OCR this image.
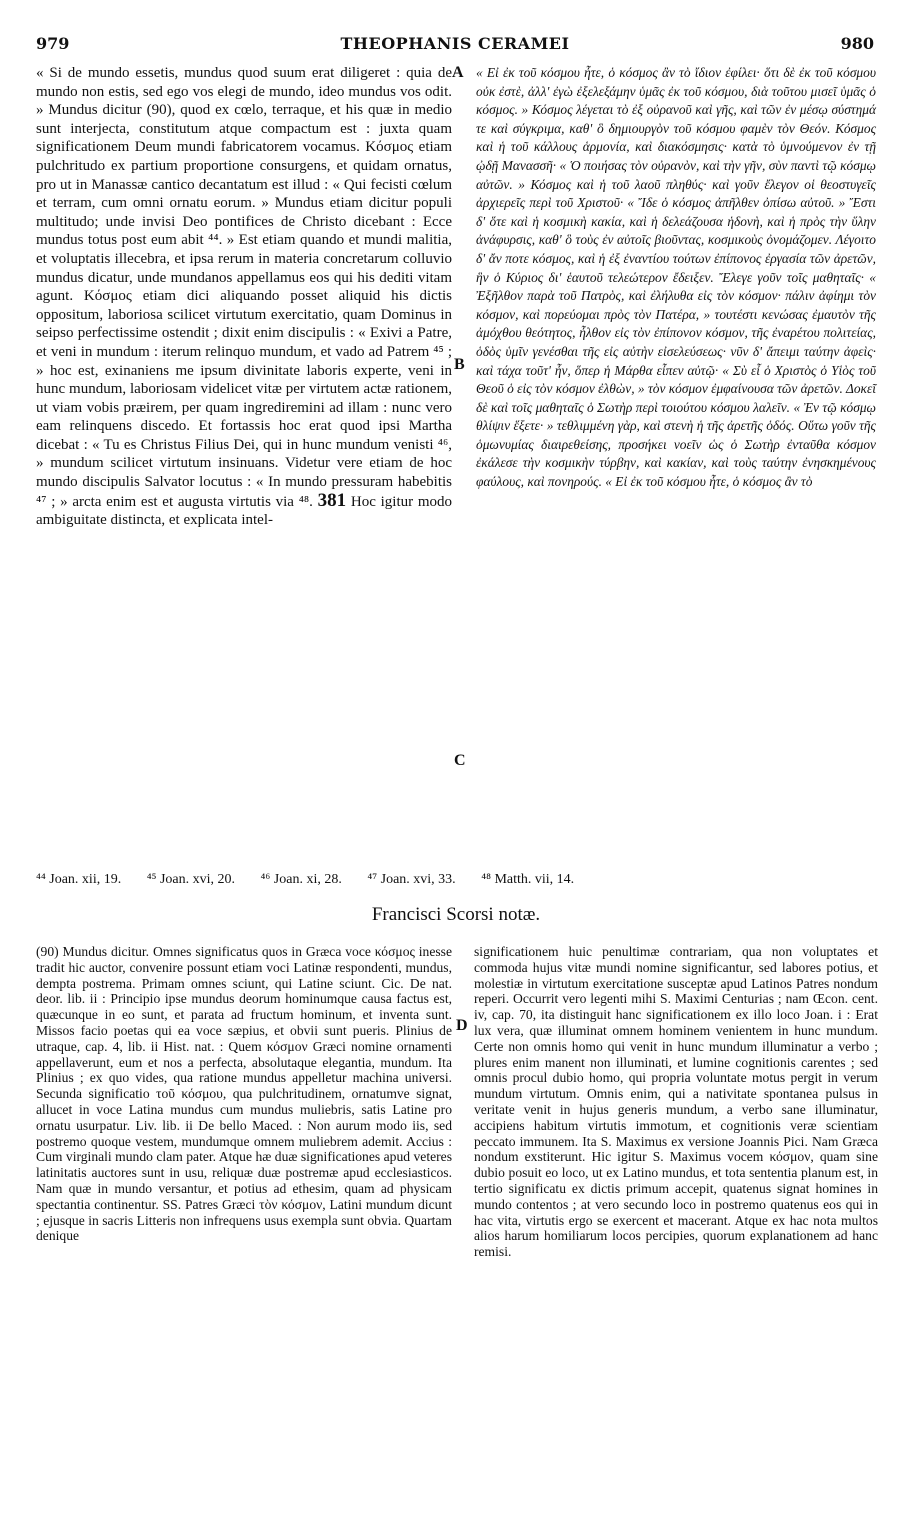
979	THEOPHANIS CERAMEI	980

« Si de mundo essetis, mundus quod suum erat diligeret : quia de mundo non estis, sed ego vos elegi de mundo, ideo mundus vos odit. » Mundus dicitur (90), quod ex cœlo, terraque, et his quæ in medio sunt interjecta, constitutum atque compactum est : juxta quam significationem Deum mundi fabricatorem vocamus. Κόσμος etiam pulchritudo ex partium proportione consurgens, et quidam ornatus, pro ut in Manassæ cantico decantatum est illud : « Qui fecisti cœlum et terram, cum omni ornatu eorum. » Mundus etiam dicitur populi multitudo; unde invisi Deo pontifices de Christo dicebant : Ecce mundus totus post eum abit ⁴⁴. » Est etiam quando et mundi malitia, et voluptatis illecebra, et ipsa rerum in materia concretarum colluvio mundus dicatur, unde mundanos appellamus eos qui his dediti vitam agunt. Κόσμος etiam dici aliquando posset aliquid his dictis oppositum, laboriosa scilicet virtutum exercitatio, quam Dominus in seipso perfectissime ostendit ; dixit enim discipulis : « Exivi a Patre, et veni in mundum : iterum relinquo mundum, et vado ad Patrem ⁴⁵ ; » hoc est, exinaniens me ipsum divinitate laboris experte, veni in hunc mundum, laboriosam videlicet vitæ per virtutem actæ rationem, ut viam vobis præirem, per quam ingrediremini ad illam : nunc vero eam relinquens discedo. Et fortassis hoc erat quod ipsi Martha dicebat : « Tu es Christus Filius Dei, qui in hunc mundum venisti ⁴⁶, » mundum scilicet virtutum insinuans. Videtur vere etiam de hoc mundo discipulis Salvator locutus : « In mundo pressuram habebitis ⁴⁷ ; » arcta enim est et augusta virtutis via ⁴⁸. 381 Hoc igitur modo ambiguitate distincta, et explicata intel-

« Εἰ ἐκ τοῦ κόσμου ἦτε, ὁ κόσμος ἂν τὸ ἴδιον ἐφίλει· ὅτι δὲ ἐκ τοῦ κόσμου οὐκ ἐστὲ, ἀλλ' ἐγὼ ἐξελεξάμην ὑμᾶς ἐκ τοῦ κόσμου, διὰ τοῦτου μισεῖ ὑμᾶς ὁ κόσμος. » Κόσμος λέγεται τὸ ἐξ οὐρανοῦ καὶ γῆς, καὶ τῶν ἐν μέσῳ σύστημά τε καὶ σύγκριμα, καθ' ὃ δημιουργὸν τοῦ κόσμου φαμὲν τὸν Θεόν. Κόσμος καὶ ἡ τοῦ κάλλους ἁρμονία, καὶ διακόσμησις· κατὰ τὸ ὑμνούμενον ἐν τῇ ᾠδῇ Μανασσῆ· « Ὁ ποιήσας τὸν οὐρανὸν, καὶ τὴν γῆν, σὺν παντὶ τῷ κόσμῳ αὐτῶν. » Κόσμος καὶ ἡ τοῦ λαοῦ πληθύς· καὶ γοῦν ἔλεγον οἱ θεοστυγεῖς ἀρχιερεῖς περὶ τοῦ Χριστοῦ· « Ἴδε ὁ κόσμος ἀπῆλθεν ὀπίσω αὐτοῦ. » Ἔστι δ' ὅτε καὶ ἡ κοσμικὴ κακία, καὶ ἡ δελεάζουσα ἡδονὴ, καὶ ἡ πρὸς τὴν ὕλην ἀνάφυρσις, καθ' ὃ τοὺς ἐν αὐτοῖς βιοῦντας, κοσμικοὺς ὀνομάζομεν. Λέγοιτο δ' ἄν ποτε κόσμος, καὶ ἡ ἐξ ἐναντίου τούτων ἐπίπονος ἐργασία τῶν ἀρετῶν, ἣν ὁ Κύριος δι' ἑαυτοῦ τελεώτερον ἔδειξεν. Ἔλεγε γοῦν τοῖς μαθηταῖς· « Ἐξῆλθον παρὰ τοῦ Πατρὸς, καὶ ἐλήλυθα εἰς τὸν κόσμον· πάλιν ἀφίημι τὸν κόσμον, καὶ πορεύομαι πρὸς τὸν Πατέρα, » τουτέστι κενώσας ἐμαυτὸν τῆς ἀμόχθου θεότητος, ἦλθον εἰς τὸν ἐπίπονον κόσμον, τῆς ἐναρέτου πολιτείας, ὁδὸς ὑμῖν γενέσθαι τῆς εἰς αὐτὴν εἰσελεύσεως· νῦν δ' ἄπειμι ταύτην ἀφεὶς· καὶ τάχα τοῦτ' ἦν, ὅπερ ἡ Μάρθα εἶπεν αὐτῷ· « Σὺ εἶ ὁ Χριστὸς ὁ Υἱὸς τοῦ Θεοῦ ὁ εἰς τὸν κόσμον ἐλθὼν, » τὸν κόσμον ἐμφαίνουσα τῶν ἀρετῶν. Δοκεῖ δὲ καὶ τοῖς μαθηταῖς ὁ Σωτὴρ περὶ τοιούτου κόσμου λαλεῖν. « Ἐν τῷ κόσμῳ θλίψιν ἕξετε· » τεθλιμμένη γὰρ, καὶ στενὴ ἡ τῆς ἀρετῆς ὁδός. Οὕτω γοῦν τῆς ὁμωνυμίας διαιρεθείσης, προσήκει νοεῖν ὡς ὁ Σωτὴρ ἐνταῦθα κόσμον ἐκάλεσε τὴν κοσμικὴν τύρβην, καὶ κακίαν, καὶ τοὺς ταύτην ἐνησκημένους φαύλους, καὶ πονηρούς. « Εἰ ἐκ τοῦ κόσμου ἦτε, ὁ κόσμος ἂν τὸ

A
B
C
D
⁴⁴ Joan. xii, 19. ⁴⁵ Joan. xvi, 20. ⁴⁶ Joan. xi, 28. ⁴⁷ Joan. xvi, 33. ⁴⁸ Matth. vii, 14.
Francisci Scorsi notæ.

(90) Mundus dicitur. Omnes significatus quos in Græca voce κόσμος inesse tradit hic auctor, convenire possunt etiam voci Latinæ respondenti, mundus, dempta postrema. Primam omnes sciunt, qui Latine sciunt. Cic. De nat. deor. lib. ii : Principio ipse mundus deorum hominumque causa factus est, quæcunque in eo sunt, et parata ad fructum hominum, et inventa sunt. Missos facio poetas qui ea voce sæpius, et obvii sunt pueris. Plinius de utraque, cap. 4, lib. ii Hist. nat. : Quem κόσμον Græci nomine ornamenti appellaverunt, eum et nos a perfecta, absolutaque elegantia, mundum. Ita Plinius ; ex quo vides, qua ratione mundus appelletur machina universi. Secunda significatio τοῦ κόσμου, qua pulchritudinem, ornatumve signat, allucet in voce Latina mundus cum mundus muliebris, satis Latine pro ornatu usurpatur. Liv. lib. ii De bello Maced. : Non aurum modo iis, sed postremo quoque vestem, mundumque omnem muliebrem ademit. Accius : Cum virginali mundo clam pater. Atque hæ duæ significationes apud veteres latinitatis auctores sunt in usu, reliquæ duæ postremæ apud ecclesiasticos. Nam quæ in mundo versantur, et potius ad ethesim, quam ad physicam spectantia continentur. SS. Patres Græci τὸν κόσμον, Latini mundum dicunt ; ejusque in sacris Litteris non infrequens usus exempla sunt obvia. Quartam denique

significationem huic penultimæ contrariam, qua non voluptates et commoda hujus vitæ mundi nomine significantur, sed labores potius, et molestiæ in virtutum exercitatione susceptæ apud Latinos Patres nondum reperi. Occurrit vero legenti mihi S. Maximi Centurias ; nam Œcon. cent. iv, cap. 70, ita distinguit hanc significationem ex illo loco Joan. i : Erat lux vera, quæ illuminat omnem hominem venientem in hunc mundum. Certe non omnis homo qui venit in hunc mundum illuminatur a verbo ; plures enim manent non illuminati, et lumine cognitionis carentes ; sed omnis procul dubio homo, qui propria voluntate motus pergit in verum mundum virtutum. Omnis enim, qui a nativitate spontanea pulsus in veritate venit in hujus generis mundum, a verbo sane illuminatur, accipiens habitum virtutis immotum, et cognitionis veræ scientiam peccato immunem. Ita S. Maximus ex versione Joannis Pici. Nam Græca nondum exstiterunt. Hic igitur S. Maximus vocem κόσμον, quam sine dubio posuit eo loco, ut ex Latino mundus, et tota sententia planum est, in tertio significatu ex dictis primum accepit, quatenus signat homines in mundo contentos ; at vero secundo loco in postremo quatenus eos qui in hac vita, virtutis ergo se exercent et macerant. Atque ex hac nota multos alios harum homiliarum locos percipies, quorum explanationem ad hanc remisi.
